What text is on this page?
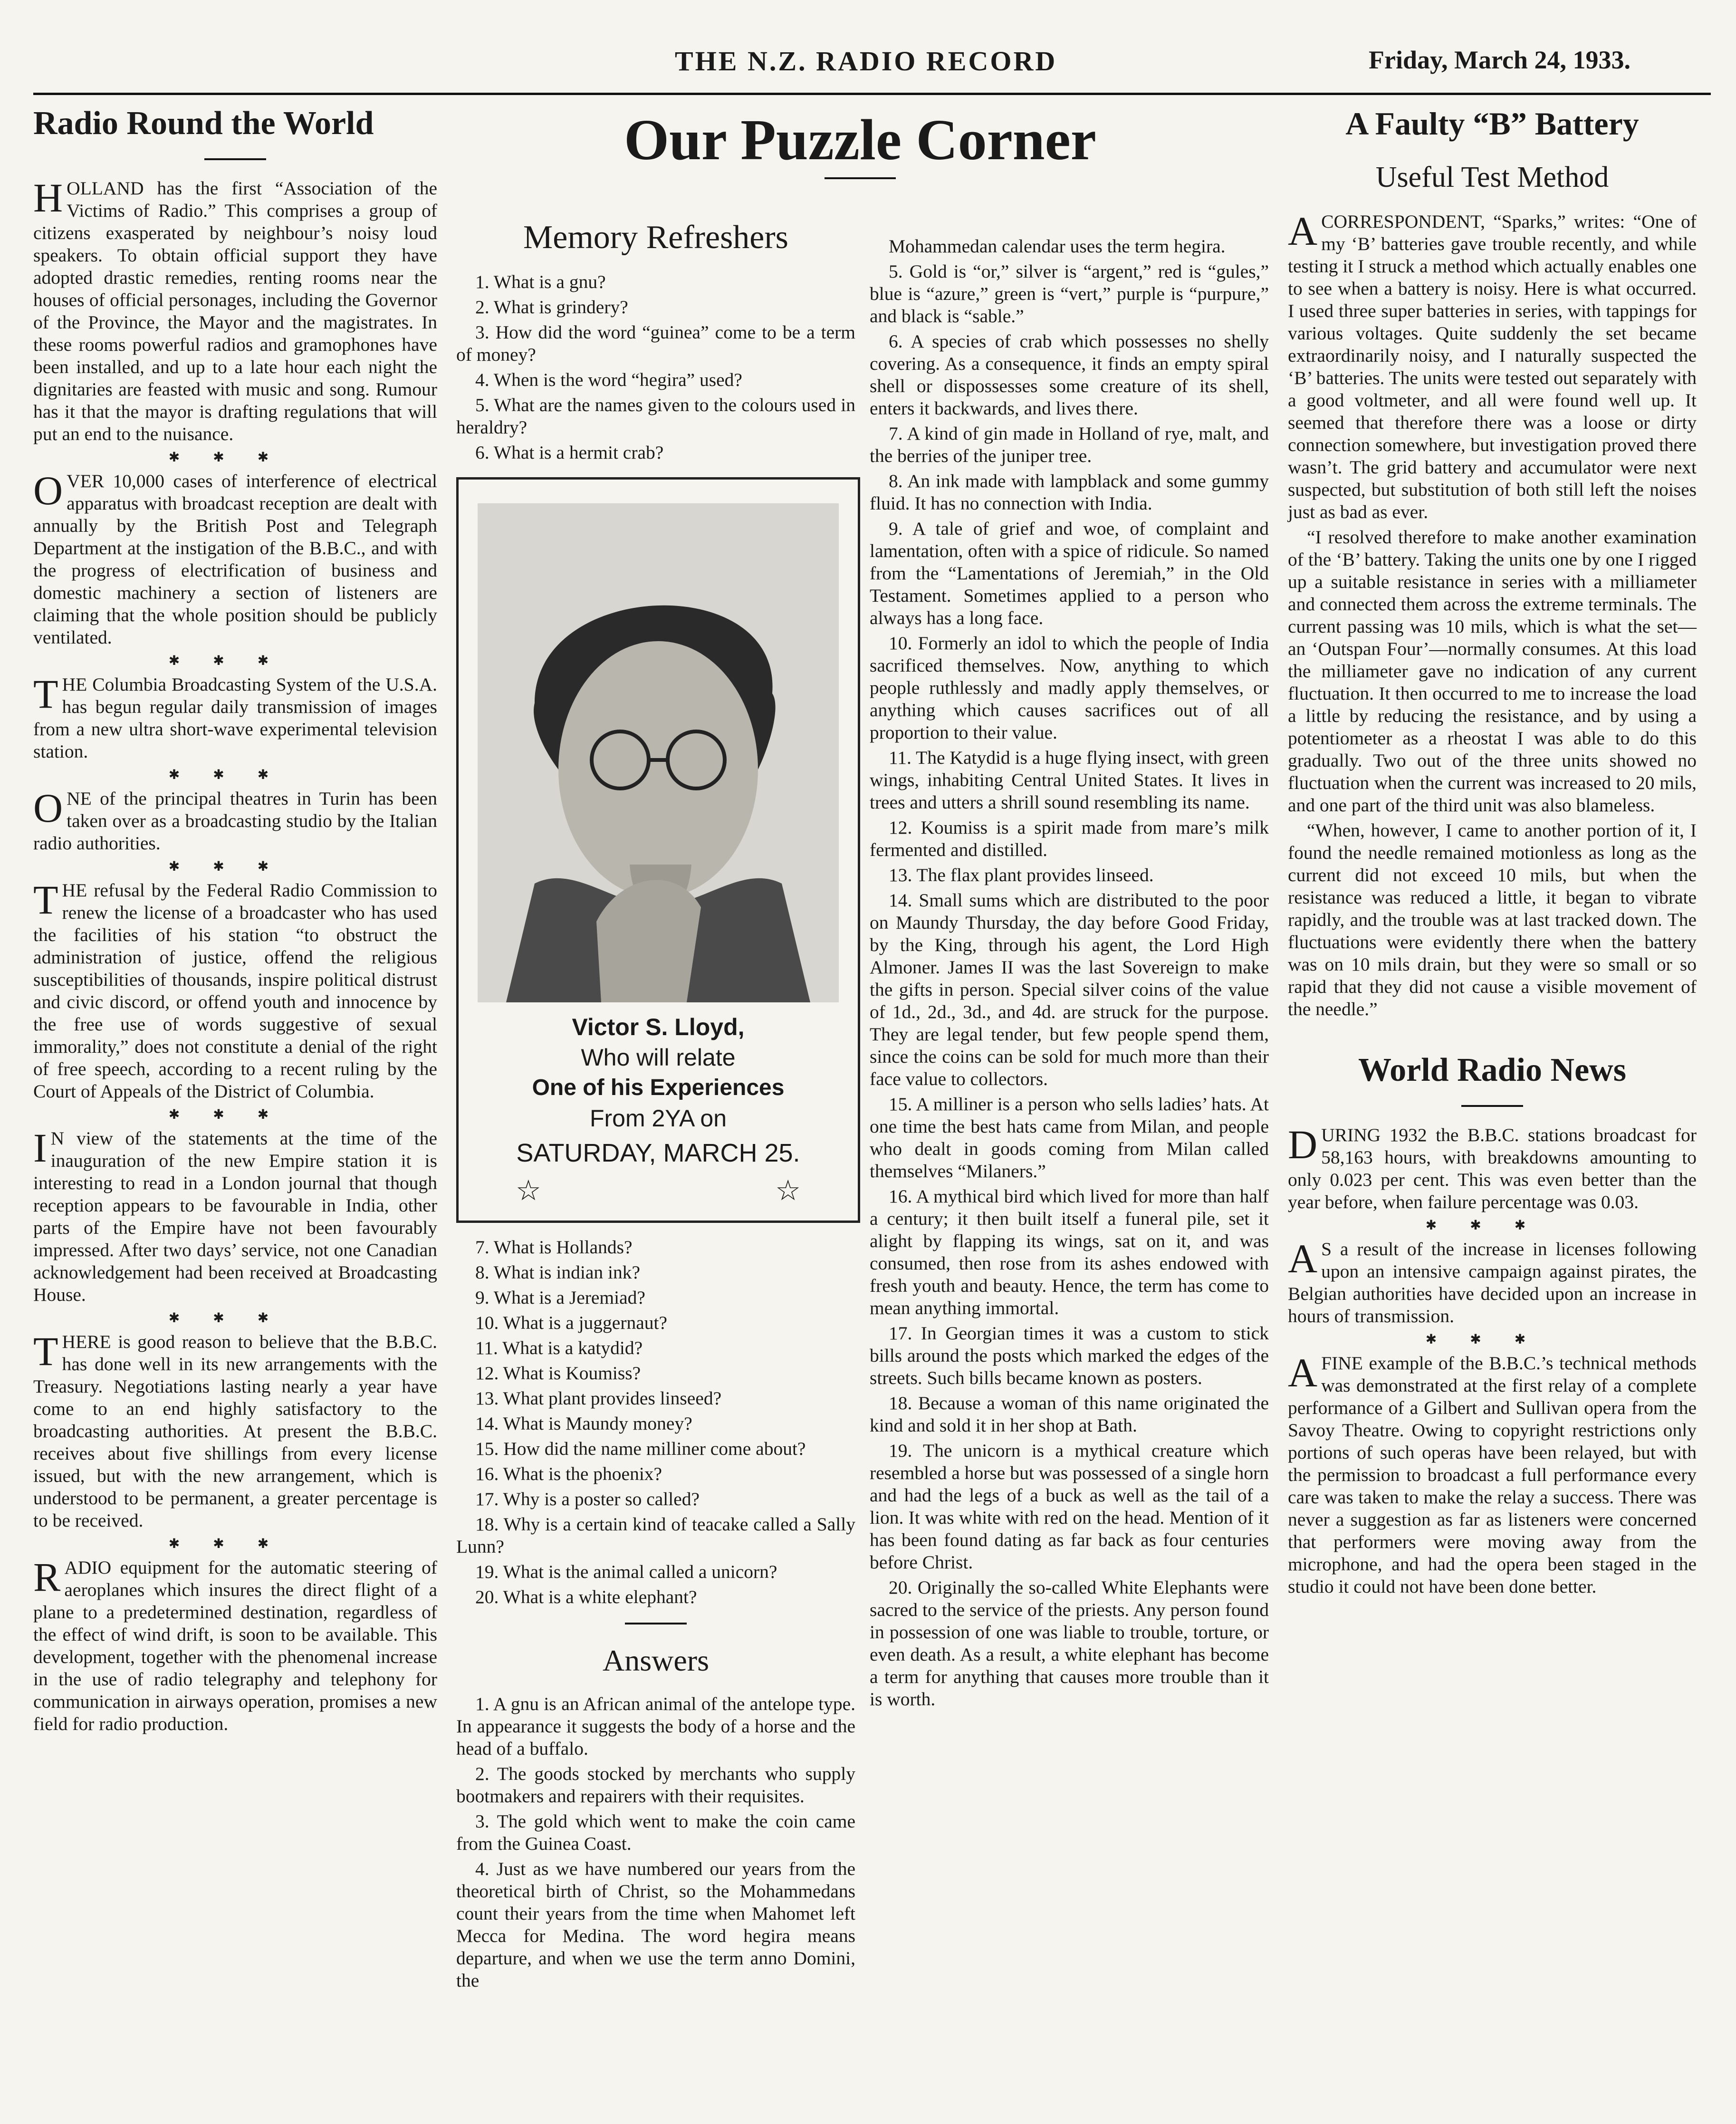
THE N.Z. RADIO RECORD	Friday, March 24, 1933.
Radio Round the World

HOLLAND has the first “Association of the Victims of Radio.” This comprises a group of citizens exasperated by neighbour’s noisy loud speakers. To obtain official support they have adopted drastic remedies, renting rooms near the houses of official personages, including the Governor of the Province, the Mayor and the magistrates. In these rooms powerful radios and gramophones have been installed, and up to a late hour each night the dignitaries are feasted with music and song. Rumour has it that the mayor is drafting regulations that will put an end to the nuisance.

✱✱✱

OVER 10,000 cases of interference of electrical apparatus with broadcast reception are dealt with annually by the British Post and Telegraph Department at the instigation of the B.B.C., and with the progress of electrification of business and domestic machinery a section of listeners are claiming that the whole position should be publicly ventilated.

✱✱✱

THE Columbia Broadcasting System of the U.S.A. has begun regular daily transmission of images from a new ultra short-wave experimental television station.

✱✱✱

ONE of the principal theatres in Turin has been taken over as a broadcasting studio by the Italian radio authorities.

✱✱✱

THE refusal by the Federal Radio Commission to renew the license of a broadcaster who has used the facilities of his station “to obstruct the administration of justice, offend the religious susceptibilities of thousands, inspire political distrust and civic discord, or offend youth and innocence by the free use of words suggestive of sexual immorality,” does not constitute a denial of the right of free speech, according to a recent ruling by the Court of Appeals of the District of Columbia.

✱✱✱

I N view of the statements at the time of the inauguration of the new Empire station it is interesting to read in a London journal that though reception appears to be favourable in India, other parts of the Empire have not been favourably impressed. After two days’ service, not one Canadian acknowledgement had been received at Broadcasting House.

✱✱✱

THERE is good reason to believe that the B.B.C. has done well in its new arrangements with the Treasury. Negotiations lasting nearly a year have come to an end highly satisfactory to the broadcasting authorities. At present the B.B.C. receives about five shillings from every license issued, but with the new arrangement, which is understood to be permanent, a greater percentage is to be received.

✱✱✱

RADIO equipment for the automatic steering of aeroplanes which insures the direct flight of a plane to a predetermined destination, regardless of the effect of wind drift, is soon to be available. This development, together with the phenomenal increase in the use of radio telegraphy and telephony for communication in airways operation, promises a new field for radio production.

Our Puzzle Corner
Memory Refreshers

1. What is a gnu?

2. What is grindery?

3. How did the word “guinea” come to be a term of money?

4. When is the word “hegira” used?

5. What are the names given to the colours used in heraldry?

6. What is a hermit crab?

Victor S. Lloyd,
Who will relate
One of his Experiences
From 2YA on
SATURDAY, MARCH 25.
☆	☆

7. What is Hollands?

8. What is indian ink?

9. What is a Jeremiad?

10. What is a juggernaut?

11. What is a katydid?

12. What is Koumiss?

13. What plant provides linseed?

14. What is Maundy money?

15. How did the name milliner come about?

16. What is the phoenix?

17. Why is a poster so called?

18. Why is a certain kind of teacake called a Sally Lunn?

19. What is the animal called a unicorn?

20. What is a white elephant?

Answers

1. A gnu is an African animal of the antelope type. In appearance it suggests the body of a horse and the head of a buffalo.

2. The goods stocked by merchants who supply bootmakers and repairers with their requisites.

3. The gold which went to make the coin came from the Guinea Coast.

4. Just as we have numbered our years from the theoretical birth of Christ, so the Mohammedans count their years from the time when Mahomet left Mecca for Medina. The word hegira means departure, and when we use the term anno Domini, the

Mohammedan calendar uses the term hegira.

5. Gold is “or,” silver is “argent,” red is “gules,” blue is “azure,” green is “vert,” purple is “purpure,” and black is “sable.”

6. A species of crab which possesses no shelly covering. As a consequence, it finds an empty spiral shell or dispossesses some creature of its shell, enters it backwards, and lives there.

7. A kind of gin made in Holland of rye, malt, and the berries of the juniper tree.

8. An ink made with lampblack and some gummy fluid. It has no connection with India.

9. A tale of grief and woe, of complaint and lamentation, often with a spice of ridicule. So named from the “Lamentations of Jeremiah,” in the Old Testament. Sometimes applied to a person who always has a long face.

10. Formerly an idol to which the people of India sacrificed themselves. Now, anything to which people ruthlessly and madly apply themselves, or anything which causes sacrifices out of all proportion to their value.

11. The Katydid is a huge flying insect, with green wings, inhabiting Central United States. It lives in trees and utters a shrill sound resembling its name.

12. Koumiss is a spirit made from mare’s milk fermented and distilled.

13. The flax plant provides linseed.

14. Small sums which are distributed to the poor on Maundy Thursday, the day before Good Friday, by the King, through his agent, the Lord High Almoner. James II was the last Sovereign to make the gifts in person. Special silver coins of the value of 1d., 2d., 3d., and 4d. are struck for the purpose. They are legal tender, but few people spend them, since the coins can be sold for much more than their face value to collectors.

15. A milliner is a person who sells ladies’ hats. At one time the best hats came from Milan, and people who dealt in goods coming from Milan called themselves “Milaners.”

16. A mythical bird which lived for more than half a century; it then built itself a funeral pile, set it alight by flapping its wings, sat on it, and was consumed, then rose from its ashes endowed with fresh youth and beauty. Hence, the term has come to mean anything immortal.

17. In Georgian times it was a custom to stick bills around the posts which marked the edges of the streets. Such bills became known as posters.

18. Because a woman of this name originated the kind and sold it in her shop at Bath.

19. The unicorn is a mythical creature which resembled a horse but was possessed of a single horn and had the legs of a buck as well as the tail of a lion. It was white with red on the head. Mention of it has been found dating as far back as four centuries before Christ.

20. Originally the so-called White Elephants were sacred to the service of the priests. Any person found in possession of one was liable to trouble, torture, or even death. As a result, a white elephant has become a term for anything that causes more trouble than it is worth.

A Faulty “B” Battery
Useful Test Method

A CORRESPONDENT, “Sparks,” writes: “One of my ‘B’ batteries gave trouble recently, and while testing it I struck a method which actually enables one to see when a battery is noisy. Here is what occurred. I used three super batteries in series, with tappings for various voltages. Quite suddenly the set became extraordinarily noisy, and I naturally suspected the ‘B’ batteries. The units were tested out separately with a good voltmeter, and all were found well up. It seemed that therefore there was a loose or dirty connection somewhere, but investigation proved there wasn’t. The grid battery and accumulator were next suspected, but substitution of both still left the noises just as bad as ever.

“I resolved therefore to make another examination of the ‘B’ battery. Taking the units one by one I rigged up a suitable resistance in series with a milliameter and connected them across the extreme terminals. The current passing was 10 mils, which is what the set—an ‘Outspan Four’—normally consumes. At this load the milliameter gave no indication of any current fluctuation. It then occurred to me to increase the load a little by reducing the resistance, and by using a potentiometer as a rheostat I was able to do this gradually. Two out of the three units showed no fluctuation when the current was increased to 20 mils, and one part of the third unit was also blameless.

“When, however, I came to another portion of it, I found the needle remained motionless as long as the current did not exceed 10 mils, but when the resistance was reduced a little, it began to vibrate rapidly, and the trouble was at last tracked down. The fluctuations were evidently there when the battery was on 10 mils drain, but they were so small or so rapid that they did not cause a visible movement of the needle.”

World Radio News

DURING 1932 the B.B.C. stations broadcast for 58,163 hours, with breakdowns amounting to only 0.023 per cent. This was even better than the year before, when failure percentage was 0.03.

✱✱✱

A S a result of the increase in licenses following upon an intensive campaign against pirates, the Belgian authorities have decided upon an increase in hours of transmission.

✱✱✱

A FINE example of the B.B.C.’s technical methods was demonstrated at the first relay of a complete performance of a Gilbert and Sullivan opera from the Savoy Theatre. Owing to copyright restrictions only portions of such operas have been relayed, but with the permission to broadcast a full performance every care was taken to make the relay a success. There was never a suggestion as far as listeners were concerned that performers were moving away from the microphone, and had the opera been staged in the studio it could not have been done better.
